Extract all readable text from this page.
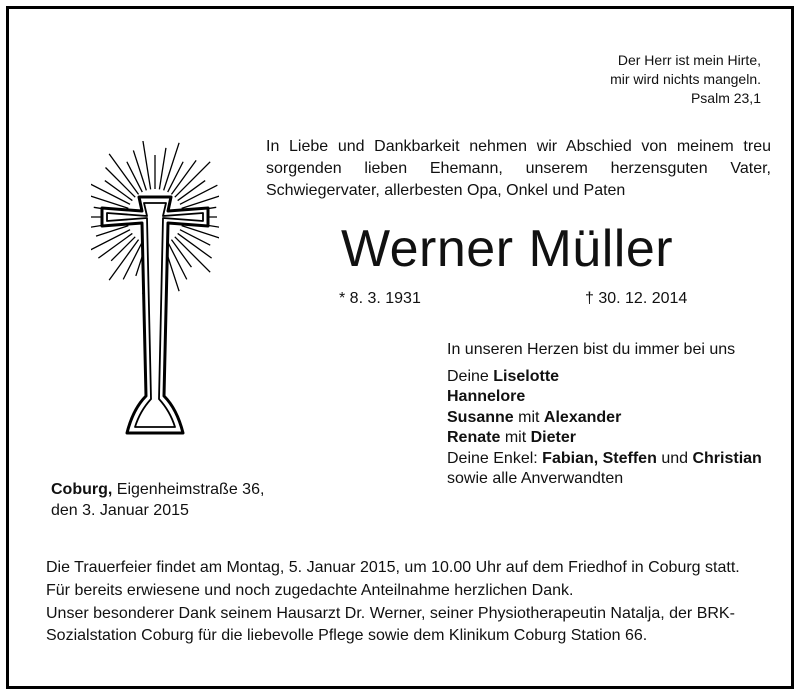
Der Herr ist mein Hirte,
mir wird nichts mangeln.
Psalm 23,1
In Liebe und Dankbarkeit nehmen wir Abschied von meinem treu sorgenden lieben Ehemann, unserem herzensguten Vater, Schwiegervater, allerbesten Opa, Onkel und Paten
Werner Müller
* 8. 3. 1931	† 30. 12. 2014
In unseren Herzen bist du immer bei uns
Deine Liselotte
Hannelore
Susanne mit Alexander
Renate mit Dieter
Deine Enkel: Fabian, Steffen und Christian
sowie alle Anverwandten
Coburg, Eigenheimstraße 36,
den 3. Januar 2015

Die Trauerfeier findet am Montag, 5. Januar 2015, um 10.00 Uhr auf dem Friedhof in Coburg statt.

Für bereits erwiesene und noch zugedachte Anteilnahme herzlichen Dank.

Unser besonderer Dank seinem Hausarzt Dr. Werner, seiner Physiotherapeutin Natalja, der BRK-Sozialstation Coburg für die liebevolle Pflege sowie dem Klinikum Coburg Station 66.
